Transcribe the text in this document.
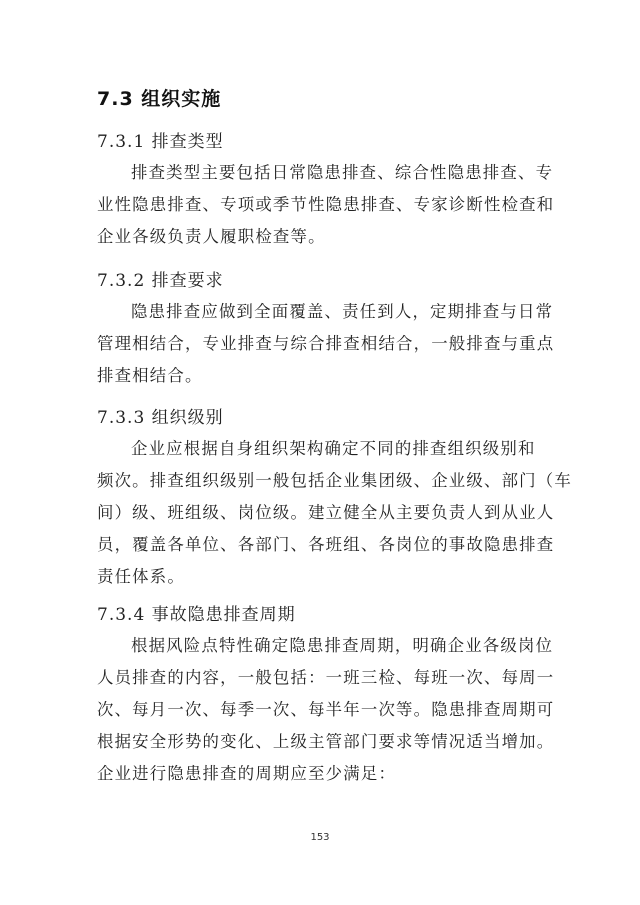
7.3 组织实施
7.3.1 排查类型
排查类型主要包括日常隐患排查、综合性隐患排查、专
业性隐患排查、专项或季节性隐患排查、专家诊断性检查和
企业各级负责人履职检查等。
7.3.2 排查要求
隐患排查应做到全面覆盖、责任到人，定期排查与日常
管理相结合，专业排查与综合排查相结合，一般排查与重点
排查相结合。
7.3.3 组织级别
企业应根据自身组织架构确定不同的排查组织级别和
频次。排查组织级别一般包括企业集团级、企业级、部门（车
间）级、班组级、岗位级。建立健全从主要负责人到从业人
员，覆盖各单位、各部门、各班组、各岗位的事故隐患排查
责任体系。
7.3.4 事故隐患排查周期
根据风险点特性确定隐患排查周期，明确企业各级岗位
人员排查的内容，一般包括：一班三检、每班一次、每周一
次、每月一次、每季一次、每半年一次等。隐患排查周期可
根据安全形势的变化、上级主管部门要求等情况适当增加。
企业进行隐患排查的周期应至少满足：
153
